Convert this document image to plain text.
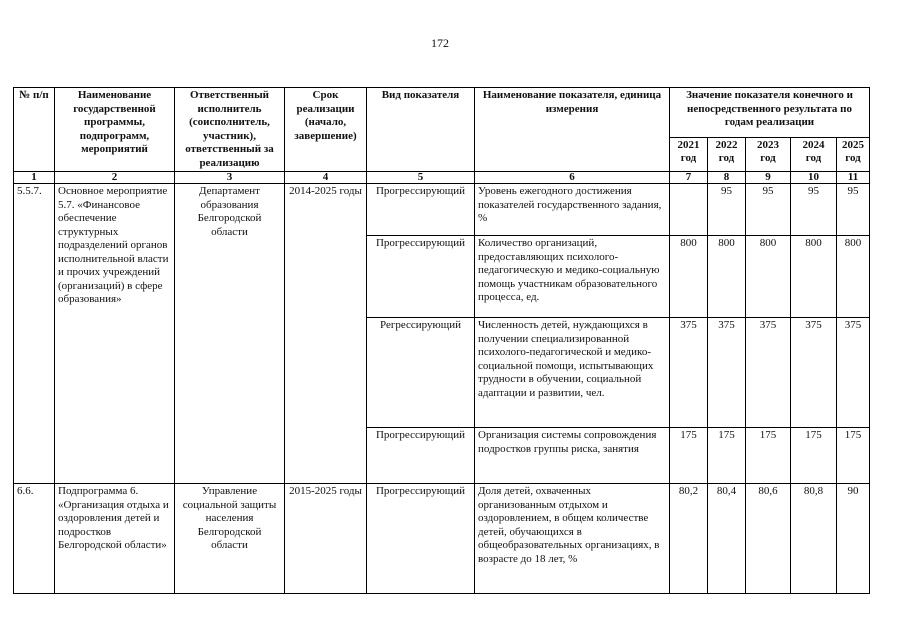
172
№ п/п	Наименование государственной программы, подпрограмм, мероприятий	Ответственный исполнитель (соисполнитель, участник), ответственный за реализацию	Срок реализации (начало, завершение)	Вид показателя	Наименование показателя, единица измерения	Значение показателя конечного и непосредственного результата по годам реализации				
						2021 год	2022 год	2023 год	2024 год	2025 год
1	2	3	4	5	6	7	8	9	10	11
5.5.7.	Основное мероприятие 5.7. «Финансовое обеспечение структурных подразделений органов исполнительной власти и прочих учреждений (организаций) в сфере образования»	Департамент образования Белгородской области	2014-2025 годы	Прогрессирующий	Уровень ежегодного достижения показателей государственного задания, %		95	95	95	95
				Прогрессирующий	Количество организаций, предоставляющих психолого-педагогическую и медико-социальную помощь участникам образовательного процесса, ед.	800	800	800	800	800
				Регрессирующий	Численность детей, нуждающихся в получении специализированной психолого-педагогической и медико-социальной помощи, испытывающих трудности в обучении, социальной адаптации и развитии, чел.	375	375	375	375	375
				Прогрессирующий	Организация системы сопровождения подростков группы риска, занятия	175	175	175	175	175
6.6.	Подпрограмма 6. «Организация отдыха и оздоровления детей и подростков Белгородской области»	Управление социальной защиты населения Белгородской области	2015-2025 годы	Прогрессирующий	Доля детей, охваченных организованным отдыхом и оздоровлением, в общем количестве детей, обучающихся в общеобразовательных организациях, в возрасте до 18 лет, %	80,2	80,4	80,6	80,8	90
